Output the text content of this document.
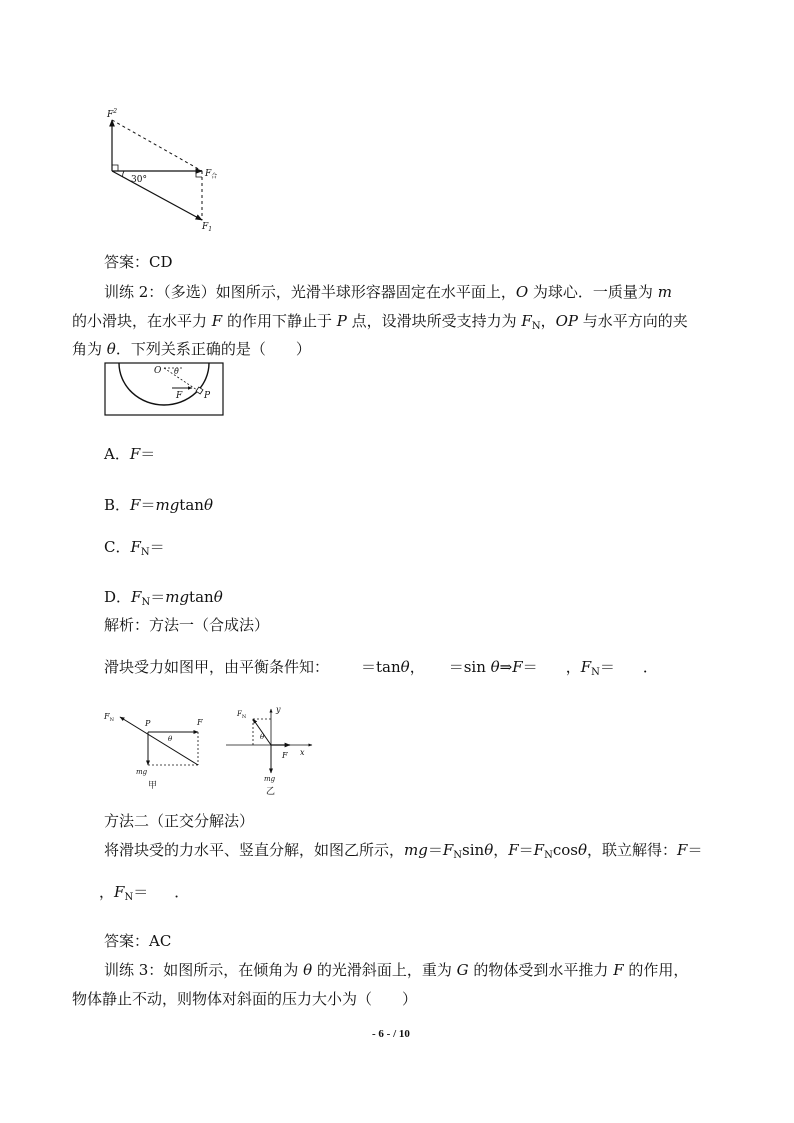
$F^2$
$F_合$
$F_1$
30°
答案：CD
训练 2：（多选）如图所示，光滑半球形容器固定在水平面上，O 为球心．一质量为 m
的小滑块，在水平力 F 的作用下静止于 P 点，设滑块所受支持力为 $F_N$，OP 与水平方向的夹
角为 θ．下列关系正确的是（　　）
O θ
F P
A．F＝
B．F＝mgtanθ
C．$F_N=$
D．$F_N=mgtan\theta$
解析：方法一（合成法）
滑块受力如图甲，由平衡条件知： ＝tanθ， ＝sin θ⇒F＝ ，$F_N=$ ．
$F_N$	P	F
θ
mg
甲
$F_N$
y
θ
x
F
mg
乙
方法二（正交分解法）
将滑块受的力水平、竖直分解，如图乙所示，$mg=F_N\sin\theta$，$F=F_N\cos\theta$，联立解得：F＝
，$F_N=$ ．
答案：AC
训练 3：如图所示，在倾角为 θ 的光滑斜面上，重为 G 的物体受到水平推力 F 的作用，
物体静止不动，则物体对斜面的压力大小为（　　）
- 6 - / 10
